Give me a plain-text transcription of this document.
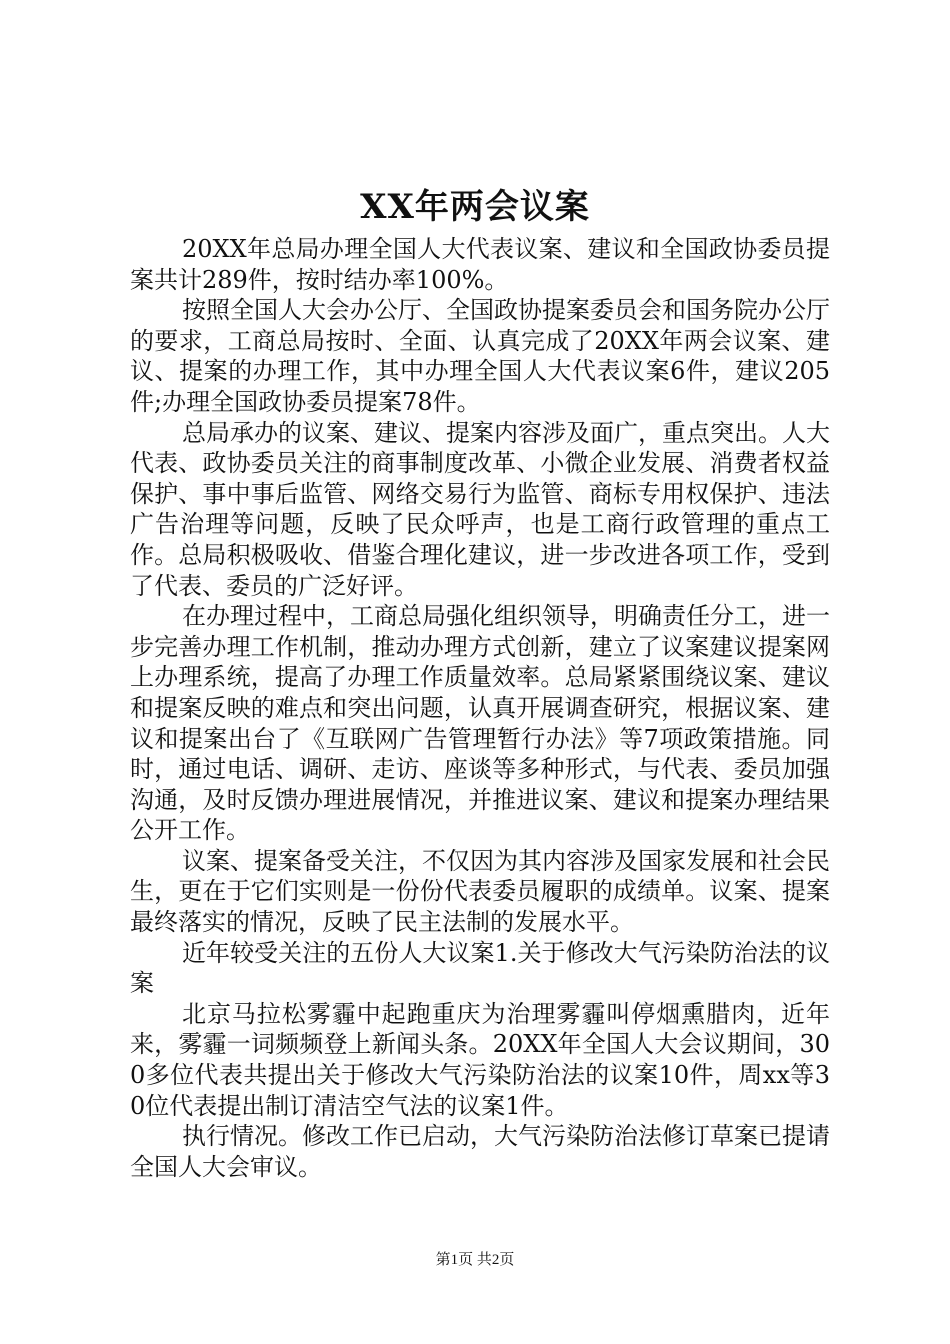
XX年两会议案

20XX年总局办理全国人大代表议案、建议和全国政协委员提案共计289件，按时结办率100%。

按照全国人大会办公厅、全国政协提案委员会和国务院办公厅的要求，工商总局按时、全面、认真完成了20XX年两会议案、建议、提案的办理工作，其中办理全国人大代表议案6件，建议205件;办理全国政协委员提案78件。

总局承办的议案、建议、提案内容涉及面广，重点突出。人大代表、政协委员关注的商事制度改革、小微企业发展、消费者权益保护、事中事后监管、网络交易行为监管、商标专用权保护、违法广告治理等问题，反映了民众呼声，也是工商行政管理的重点工作。总局积极吸收、借鉴合理化建议，进一步改进各项工作，受到了代表、委员的广泛好评。

在办理过程中，工商总局强化组织领导，明确责任分工，进一步完善办理工作机制，推动办理方式创新，建立了议案建议提案网上办理系统，提高了办理工作质量效率。总局紧紧围绕议案、建议和提案反映的难点和突出问题，认真开展调查研究，根据议案、建议和提案出台了《互联网广告管理暂行办法》等7项政策措施。同时，通过电话、调研、走访、座谈等多种形式，与代表、委员加强沟通，及时反馈办理进展情况，并推进议案、建议和提案办理结果公开工作。

议案、提案备受关注，不仅因为其内容涉及国家发展和社会民生，更在于它们实则是一份份代表委员履职的成绩单。议案、提案最终落实的情况，反映了民主法制的发展水平。

近年较受关注的五份人大议案1.关于修改大气污染防治法的议案

北京马拉松雾霾中起跑重庆为治理雾霾叫停烟熏腊肉，近年来，雾霾一词频频登上新闻头条。20XX年全国人大会议期间，300多位代表共提出关于修改大气污染防治法的议案10件，周xx等30位代表提出制订清洁空气法的议案1件。

执行情况。修改工作已启动，大气污染防治法修订草案已提请全国人大会审议。

第1页 共2页
